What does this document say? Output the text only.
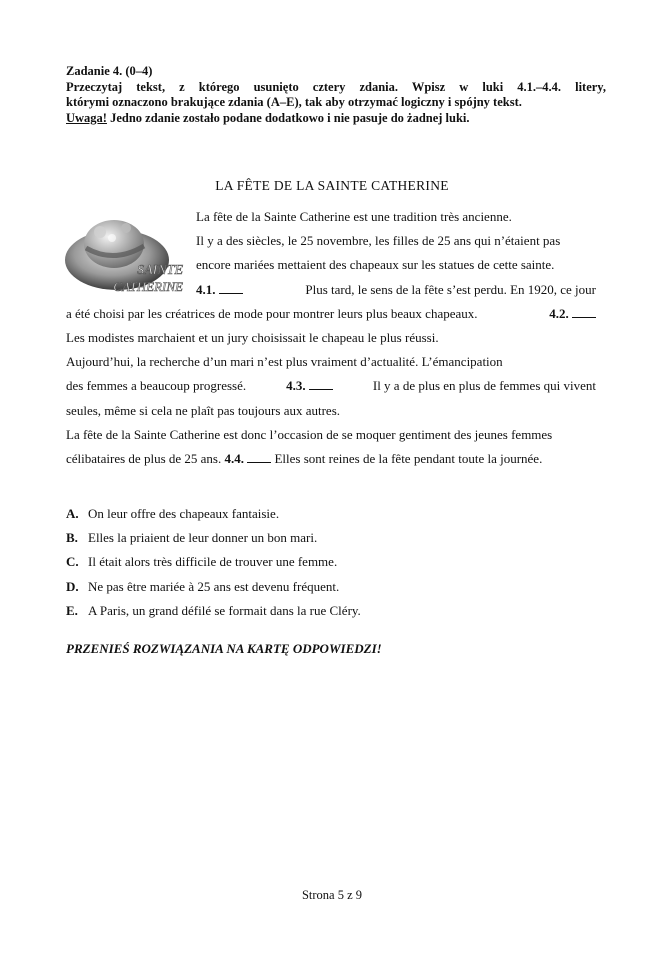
Zadanie 4. (0–4)

Przeczytaj tekst, z którego usunięto cztery zdania. Wpisz w luki 4.1.–4.4. litery,

którymi oznaczono brakujące zdania (A–E), tak aby otrzymać logiczny i spójny tekst.

Uwaga! Jedno zdanie zostało podane dodatkowo i nie pasuje do żadnej luki.

LA FÊTE DE LA SAINTE CATHERINE
SAINTE
CATHERINE
La fête de la Sainte Catherine est une tradition très ancienne.
Il y a des siècles, le 25 novembre, les filles de 25 ans qui n’étaient pas
encore mariées mettaient des chapeaux sur les statues de cette sainte.
4.1.	Plus tard, le sens de la fête s’est perdu. En 1920, ce jour
a été choisi par les créatrices de mode pour montrer leurs plus beaux chapeaux.	4.2.
Les modistes marchaient et un jury choisissait le chapeau le plus réussi.
Aujourd’hui, la recherche d’un mari n’est plus vraiment d’actualité. L’émancipation
des femmes a beaucoup progressé.	4.3.	Il y a de plus en plus de femmes qui vivent
seules, même si cela ne plaît pas toujours aux autres.
La fête de la Sainte Catherine est donc l’occasion de se moquer gentiment des jeunes femmes
célibataires de plus de 25 ans. 4.4. Elles sont reines de la fête pendant toute la journée.
A. On leur offre des chapeaux fantaisie.
B. Elles la priaient de leur donner un bon mari.
C. Il était alors très difficile de trouver une femme.
D. Ne pas être mariée à 25 ans est devenu fréquent.
E. A Paris, un grand défilé se formait dans la rue Cléry.
PRZENIEŚ ROZWIĄZANIA NA KARTĘ ODPOWIEDZI!
Strona 5 z 9
